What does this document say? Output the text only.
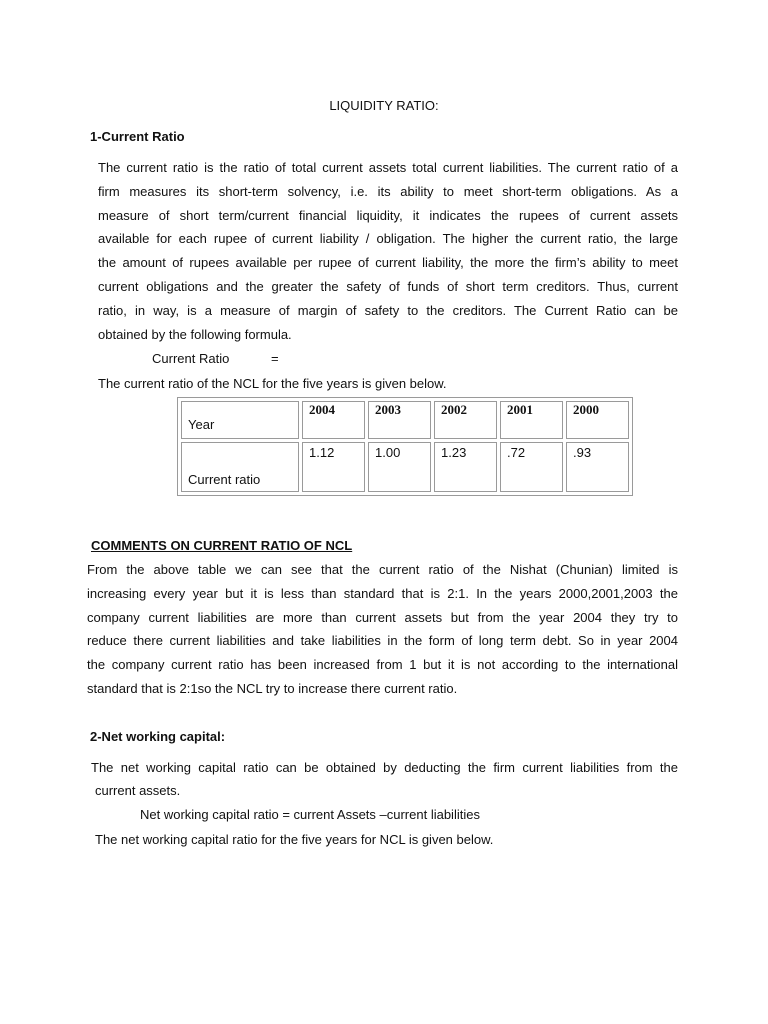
LIQUIDITY RATIO:
1-Current Ratio
The current ratio is the ratio of total current assets total current liabilities. The current ratio of a
firm measures its short-term solvency, i.e. its ability to meet short-term obligations. As a
measure of short term/current financial liquidity, it indicates the rupees of current assets
available for each rupee of current liability / obligation. The higher the current ratio, the large
the amount of rupees available per rupee of current liability, the more the firm’s ability to meet
current obligations and the greater the safety of funds of short term creditors. Thus, current
ratio, in way, is a measure of margin of safety to the creditors. The Current Ratio can be
obtained by the following formula.
Current Ratio	=
The current ratio of the NCL for the five years is given below.
Year	2004	2003	2002	2001	2000

Current ratio	1.12	1.00	1.23	.72	.93
COMMENTS ON CURRENT RATIO OF NCL
From the above table we can see that the current ratio of the Nishat (Chunian) limited is
increasing every year but it is less than standard that is 2:1. In the years 2000,2001,2003 the
company current liabilities are more than current assets but from the year 2004 they try to
reduce there current liabilities and take liabilities in the form of long term debt. So in year 2004
the company current ratio has been increased from 1 but it is not according to the international
standard that is 2:1so the NCL try to increase there current ratio.
2-Net working capital:
The net working capital ratio can be obtained by deducting the firm current liabilities from the
current assets.
Net working capital ratio = current Assets –current liabilities
The net working capital ratio for the five years for NCL is given below.
